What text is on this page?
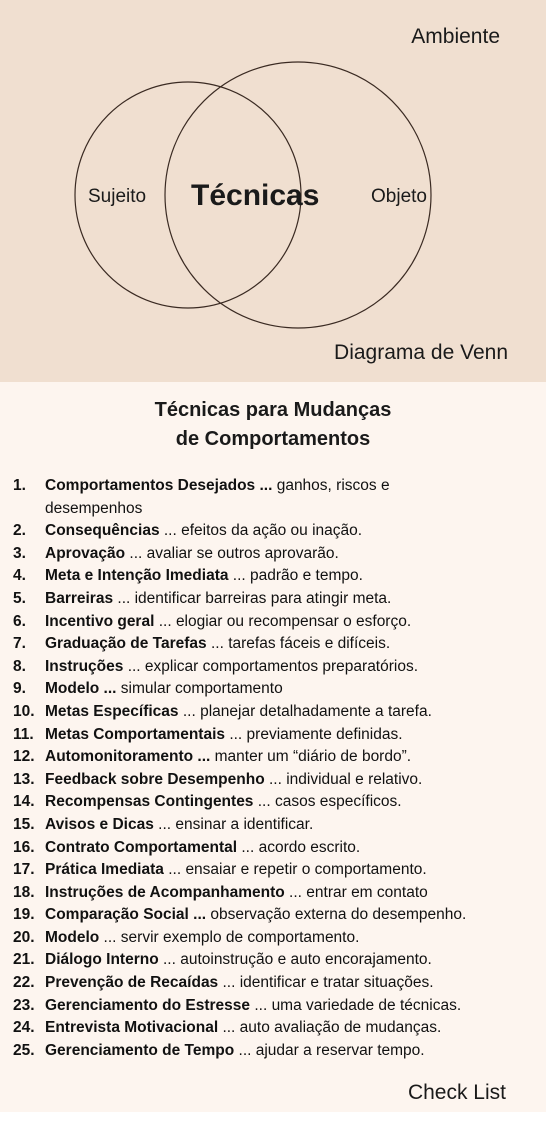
Ambiente
Sujeito Técnicas	Objeto
Diagrama de Venn
Técnicas para Mudanças
de Comportamentos
1. Comportamentos Desejados ... ganhos, riscos e desempenhos
2. Consequências ... efeitos da ação ou inação.
3. Aprovação ... avaliar se outros aprovarão.
4. Meta e Intenção Imediata ... padrão e tempo.
5. Barreiras ... identificar barreiras para atingir meta.
6. Incentivo geral ... elogiar ou recompensar o esforço.
7. Graduação de Tarefas ... tarefas fáceis e difíceis.
8. Instruções ... explicar comportamentos preparatórios.
9. Modelo ... simular comportamento
10. Metas Específicas ... planejar detalhadamente a tarefa.
11. Metas Comportamentais ... previamente definidas.
12. Automonitoramento ... manter um “diário de bordo”.
13. Feedback sobre Desempenho ... individual e relativo.
14. Recompensas Contingentes ... casos específicos.
15. Avisos e Dicas ... ensinar a identificar.
16. Contrato Comportamental ... acordo escrito.
17. Prática Imediata ... ensaiar e repetir o comportamento.
18. Instruções de Acompanhamento ... entrar em contato
19. Comparação Social ... observação externa do desempenho.
20. Modelo ... servir exemplo de comportamento.
21. Diálogo Interno ... autoinstrução e auto encorajamento.
22. Prevenção de Recaídas ... identificar e tratar situações.
23. Gerenciamento do Estresse ... uma variedade de técnicas.
24. Entrevista Motivacional ... auto avaliação de mudanças.
25. Gerenciamento de Tempo ... ajudar a reservar tempo.
Check List
